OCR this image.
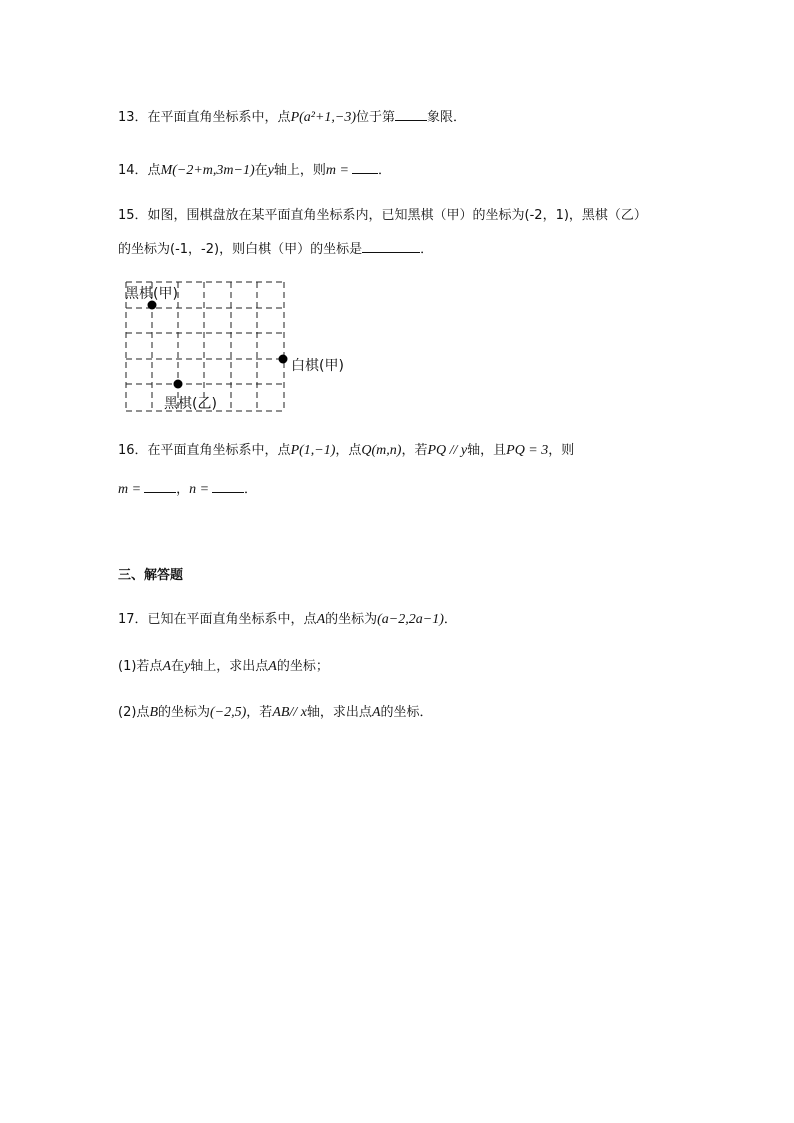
13．在平面直角坐标系中，点P(a²+1,−3)位于第 象限．
14．点M(−2+m,3m−1)在y轴上，则m = ．
15．如图，围棋盘放在某平面直角坐标系内，已知黑棋（甲）的坐标为(-2，1)，黑棋（乙）
的坐标为(-1，-2)，则白棋（甲）的坐标是	．
黑棋(甲)
白棋(甲)
黑棋(乙)
16．在平面直角坐标系中，点P(1,−1)，点Q(m,n)，若PQ // y轴，且PQ = 3，则
m =	，n =	．
三、解答题
17．已知在平面直角坐标系中，点A的坐标为(a−2,2a−1)．
(1)若点A在y轴上，求出点A的坐标；
(2)点B的坐标为(−2,5)，若AB// x轴，求出点A的坐标．
